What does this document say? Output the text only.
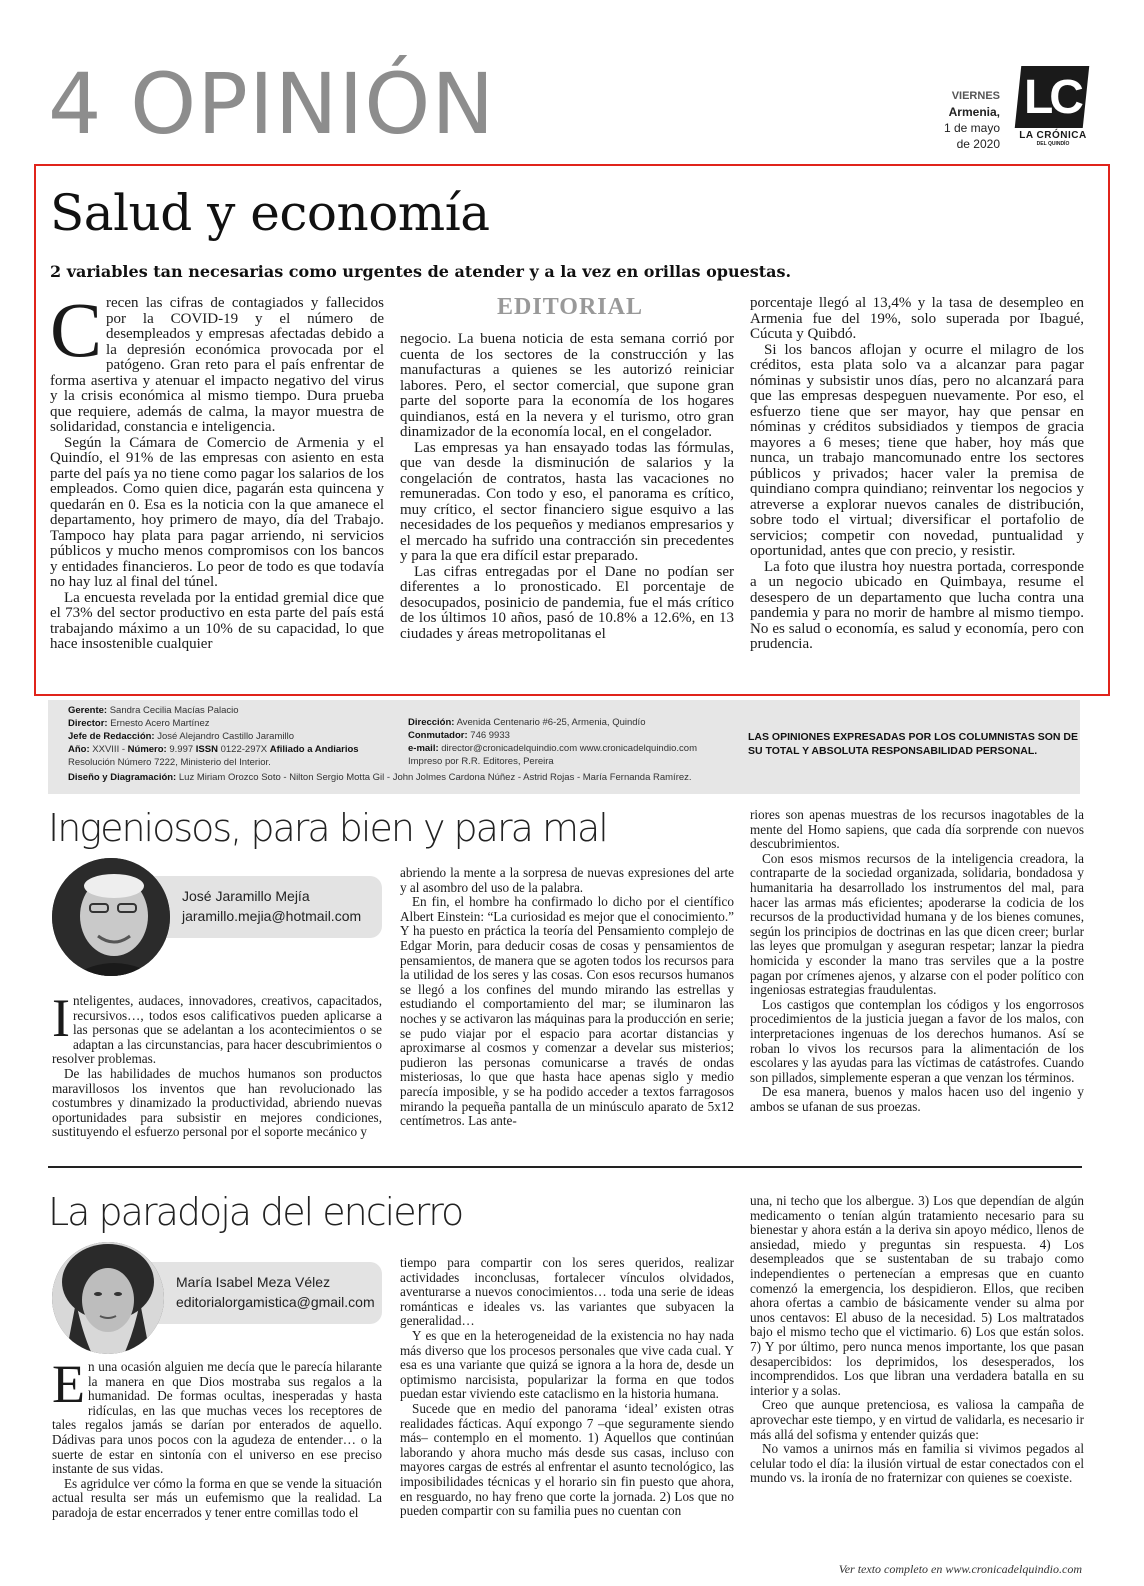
4 OPINIÓN	VIERNES
Armenia,
1 de mayo
de 2020
LC
LA CRÓNICA
DEL QUINDÍO
Salud y economía
2 variables tan necesarias como urgentes de atender y a la vez en orillas opuestas.
EDITORIAL

Crecen las cifras de contagiados y fallecidos por la COVID-19 y el número de desempleados y empresas afectadas debido a la depresión económica provocada por el patógeno. Gran reto para el país enfrentar de forma asertiva y atenuar el impacto negativo del virus y la crisis económica al mismo tiempo. Dura prueba que requiere, además de calma, la mayor muestra de solidaridad, constancia e inteligencia.

Según la Cámara de Comercio de Armenia y el Quindío, el 91% de las empresas con asiento en esta parte del país ya no tiene como pagar los salarios de los empleados. Como quien dice, pagarán esta quincena y quedarán en 0. Esa es la noticia con la que amanece el departamento, hoy primero de mayo, día del Trabajo. Tampoco hay plata para pagar arriendo, ni servicios públicos y mucho menos compromisos con los bancos y entidades financieros. Lo peor de todo es que todavía no hay luz al final del túnel.

La encuesta revelada por la entidad gremial dice que el 73% del sector productivo en esta parte del país está trabajando máximo a un 10% de su capacidad, lo que hace insostenible cualquier

negocio. La buena noticia de esta semana corrió por cuenta de los sectores de la construcción y las manufacturas a quienes se les autorizó reiniciar labores. Pero, el sector comercial, que supone gran parte del soporte para la economía de los hogares quindianos, está en la nevera y el turismo, otro gran dinamizador de la economía local, en el congelador.

Las empresas ya han ensayado todas las fórmulas, que van desde la disminución de salarios y la congelación de contratos, hasta las vacaciones no remuneradas. Con todo y eso, el panorama es crítico, muy crítico, el sector financiero sigue esquivo a las necesidades de los pequeños y medianos empresarios y el mercado ha sufrido una contracción sin precedentes y para la que era difícil estar preparado.

Las cifras entregadas por el Dane no podían ser diferentes a lo pronosticado. El porcentaje de desocupados, posinicio de pandemia, fue el más crítico de los últimos 10 años, pasó de 10.8% a 12.6%, en 13 ciudades y áreas metropolitanas el

porcentaje llegó al 13,4% y la tasa de desempleo en Armenia fue del 19%, solo superada por Ibagué, Cúcuta y Quibdó.

Si los bancos aflojan y ocurre el milagro de los créditos, esta plata solo va a alcanzar para pagar nóminas y subsistir unos días, pero no alcanzará para que las empresas despeguen nuevamente. Por eso, el esfuerzo tiene que ser mayor, hay que pensar en nóminas y créditos subsidiados y tiempos de gracia mayores a 6 meses; tiene que haber, hoy más que nunca, un trabajo mancomunado entre los sectores públicos y privados; hacer valer la premisa de quindiano compra quindiano; reinventar los negocios y atreverse a explorar nuevos canales de distribución, sobre todo el virtual; diversificar el portafolio de servicios; competir con novedad, puntualidad y oportunidad, antes que con precio, y resistir.

La foto que ilustra hoy nuestra portada, corresponde a un negocio ubicado en Quimbaya, resume el desespero de un departamento que lucha contra una pandemia y para no morir de hambre al mismo tiempo. No es salud o economía, es salud y economía, pero con prudencia.

Gerente: Sandra Cecilia Macías Palacio
Director: Ernesto Acero Martínez
Jefe de Redacción: José Alejandro Castillo Jaramillo
Año: XXVIII - Número: 9.997 ISSN 0122-297X Afiliado a Andiarios
Resolución Número 7222, Ministerio del Interior.
Dirección: Avenida Centenario #6-25, Armenia, Quindío
Conmutador: 746 9933
e-mail: director@cronicadelquindio.com www.cronicadelquindio.com
Impreso por R.R. Editores, Pereira
Diseño y Diagramación: Luz Miriam Orozco Soto - Nilton Sergio Motta Gil - John Jolmes Cardona Núñez - Astrid Rojas - María Fernanda Ramírez.
LAS OPINIONES EXPRESADAS POR LOS COLUMNISTAS SON DE SU TOTAL Y ABSOLUTA RESPONSABILIDAD PERSONAL.
Ingeniosos, para bien y para mal
José Jaramillo Mejía
jaramillo.mejia@hotmail.com

Inteligentes, audaces, innovadores, creativos, capacitados, recursivos…, todos esos calificativos pueden aplicarse a las personas que se adelantan a los acontecimientos o se adaptan a las circunstancias, para hacer descubrimientos o resolver problemas.

De las habilidades de muchos humanos son productos maravillosos los inventos que han revolucionado las costumbres y dinamizado la productividad, abriendo nuevas oportunidades para subsistir en mejores condiciones, sustituyendo el esfuerzo personal por el soporte mecánico y

abriendo la mente a la sorpresa de nuevas expresiones del arte y al asombro del uso de la palabra.

En fin, el hombre ha confirmado lo dicho por el científico Albert Einstein: “La curiosidad es mejor que el conocimiento.” Y ha puesto en práctica la teoría del Pensamiento complejo de Edgar Morin, para deducir cosas de cosas y pensamientos de pensamientos, de manera que se agoten todos los recursos para la utilidad de los seres y las cosas. Con esos recursos humanos se llegó a los confines del mundo mirando las estrellas y estudiando el comportamiento del mar; se iluminaron las noches y se activaron las máquinas para la producción en serie; se pudo viajar por el espacio para acortar distancias y aproximarse al cosmos y comenzar a develar sus misterios; pudieron las personas comunicarse a través de ondas misteriosas, lo que que hasta hace apenas siglo y medio parecía imposible, y se ha podido acceder a textos farragosos mirando la pequeña pantalla de un minúsculo aparato de 5x12 centímetros. Las ante-

riores son apenas muestras de los recursos inagotables de la mente del Homo sapiens, que cada día sorprende con nuevos descubrimientos.

Con esos mismos recursos de la inteligencia creadora, la contraparte de la sociedad organizada, solidaria, bondadosa y humanitaria ha desarrollado los instrumentos del mal, para hacer las armas más eficientes; apoderarse la codicia de los recursos de la productividad humana y de los bienes comunes, según los principios de doctrinas en las que dicen creer; burlar las leyes que promulgan y aseguran respetar; lanzar la piedra homicida y esconder la mano tras serviles que a la postre pagan por crímenes ajenos, y alzarse con el poder político con ingeniosas estrategias fraudulentas.

Los castigos que contemplan los códigos y los engorrosos procedimientos de la justicia juegan a favor de los malos, con interpretaciones ingenuas de los derechos humanos. Así se roban lo vivos los recursos para la alimentación de los escolares y las ayudas para las víctimas de catástrofes. Cuando son pillados, simplemente esperan a que venzan los términos.

De esa manera, buenos y malos hacen uso del ingenio y ambos se ufanan de sus proezas.

La paradoja del encierro
María Isabel Meza Vélez
editorialorgamistica@gmail.com

En una ocasión alguien me decía que le parecía hilarante la manera en que Dios mostraba sus regalos a la humanidad. De formas ocultas, inesperadas y hasta ridículas, en las que muchas veces los receptores de tales regalos jamás se darían por enterados de aquello. Dádivas para unos pocos con la agudeza de entender… o la suerte de estar en sintonía con el universo en ese preciso instante de sus vidas.

Es agridulce ver cómo la forma en que se vende la situación actual resulta ser más un eufemismo que la realidad. La paradoja de estar encerrados y tener entre comillas todo el

tiempo para compartir con los seres queridos, realizar actividades inconclusas, fortalecer vínculos olvidados, aventurarse a nuevos conocimientos… toda una serie de ideas románticas e ideales vs. las variantes que subyacen la generalidad…

Y es que en la heterogeneidad de la existencia no hay nada más diverso que los procesos personales que vive cada cual. Y esa es una variante que quizá se ignora a la hora de, desde un optimismo narcisista, popularizar la forma en que todos puedan estar viviendo este cataclismo en la historia humana.

Sucede que en medio del panorama ‘ideal’ existen otras realidades fácticas. Aquí expongo 7 –que seguramente siendo más– contemplo en el momento. 1) Aquellos que continúan laborando y ahora mucho más desde sus casas, incluso con mayores cargas de estrés al enfrentar el asunto tecnológico, las imposibilidades técnicas y el horario sin fin puesto que ahora, en resguardo, no hay freno que corte la jornada. 2) Los que no pueden compartir con su familia pues no cuentan con

una, ni techo que los albergue. 3) Los que dependían de algún medicamento o tenían algún tratamiento necesario para su bienestar y ahora están a la deriva sin apoyo médico, llenos de ansiedad, miedo y preguntas sin respuesta. 4) Los desempleados que se sustentaban de su trabajo como independientes o pertenecían a empresas que en cuanto comenzó la emergencia, los despidieron. Ellos, que reciben ahora ofertas a cambio de básicamente vender su alma por unos centavos: El abuso de la necesidad. 5) Los maltratados bajo el mismo techo que el victimario. 6) Los que están solos. 7) Y por último, pero nunca menos importante, los que pasan desapercibidos: los deprimidos, los desesperados, los incomprendidos. Los que libran una verdadera batalla en su interior y a solas.

Creo que aunque pretenciosa, es valiosa la campaña de aprovechar este tiempo, y en virtud de validarla, es necesario ir más allá del sofisma y entender quizás que:

No vamos a unirnos más en familia si vivimos pegados al celular todo el día: la ilusión virtual de estar conectados con el mundo vs. la ironía de no fraternizar con quienes se coexiste.

Ver texto completo en www.cronicadelquindio.com
